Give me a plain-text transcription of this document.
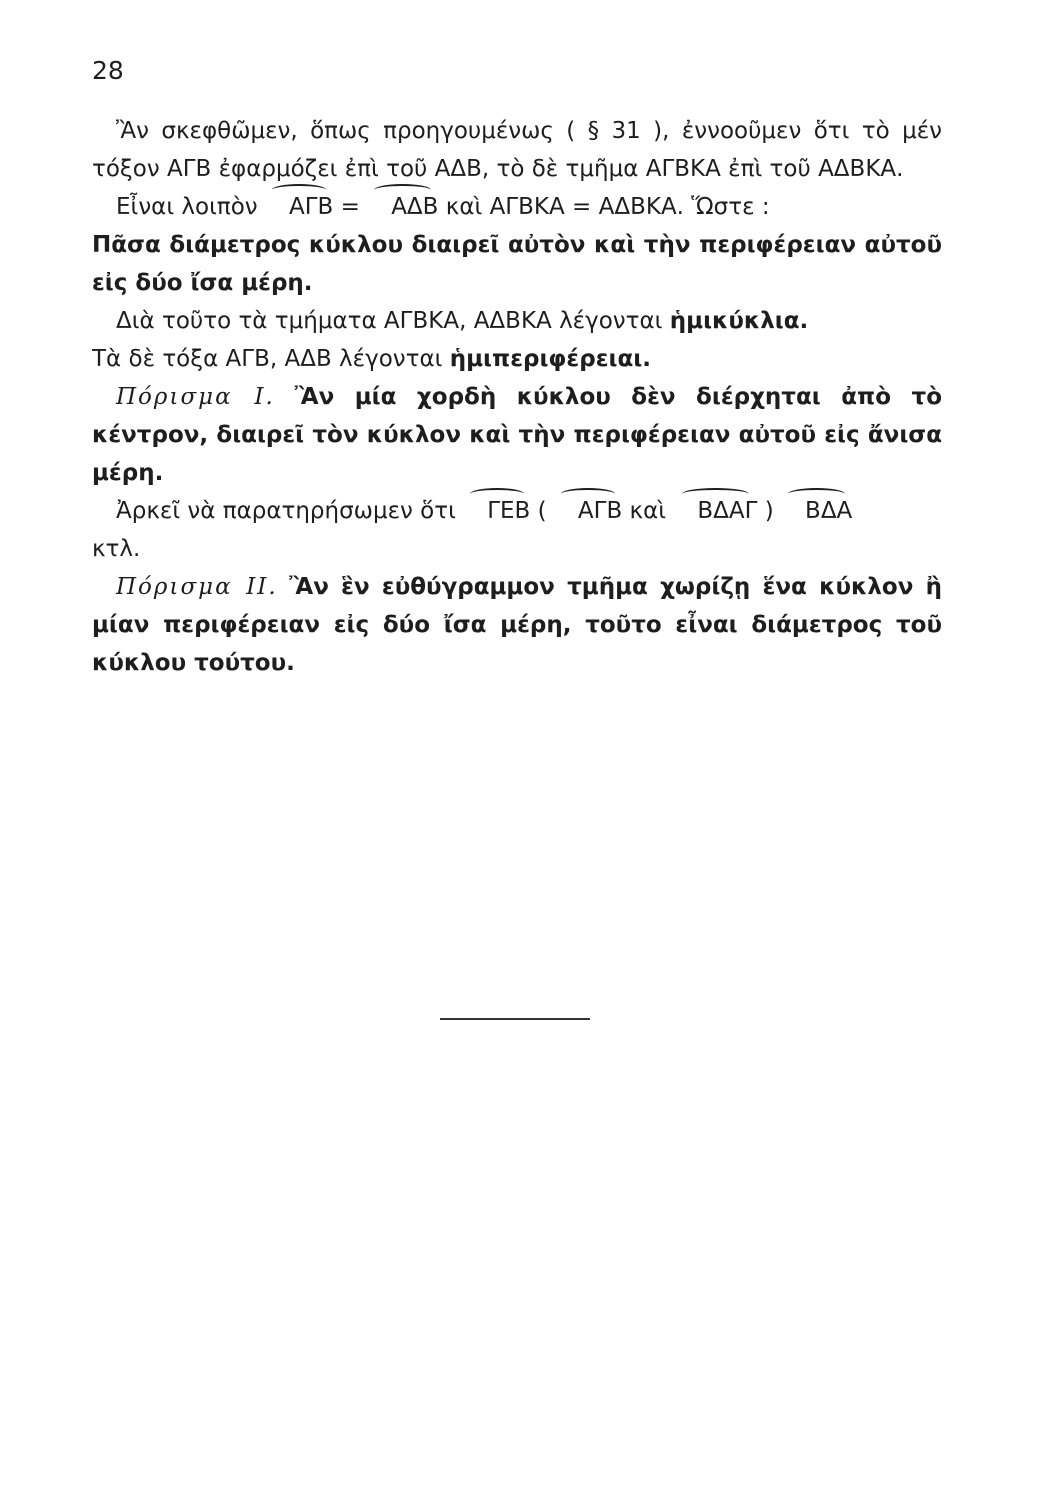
28

Ἂν σκεφθῶμεν, ὅπως προηγουμένως ( § 31 ), ἐννοοῦμεν ὅτι τὸ μέν τόξον ΑΓΒ ἐφαρμόζει ἐπὶ τοῦ ΑΔΒ, τὸ δὲ τμῆμα ΑΓΒΚΑ ἐπὶ τοῦ ΑΔΒΚΑ.

Εἶναι λοιπὸν ΑΓΒ = ΑΔΒ καὶ ΑΓΒΚΑ = ΑΔΒΚΑ. Ὥστε :

Πᾶσα διάμετρος κύκλου διαιρεῖ αὐτὸν καὶ τὴν περιφέρειαν αὐτοῦ εἰς δύο ἴσα μέρη.

Διὰ τοῦτο τὰ τμήματα ΑΓΒΚΑ, ΑΔΒΚΑ λέγονται ἡμικύκλια.

Τὰ δὲ τόξα ΑΓΒ, ΑΔΒ λέγονται ἡμιπεριφέρειαι.

Πόρισμα Ι. Ἂν μία χορδὴ κύκλου δὲν διέρχηται ἀπὸ τὸ κέντρον, διαιρεῖ τὸν κύκλον καὶ τὴν περιφέρειαν αὐτοῦ εἰς ἄνισα μέρη.

Ἀρκεῖ νὰ παρατηρήσωμεν ὅτι ΓΕΒ ( ΑΓΒ καὶ ΒΔΑΓ ) ΒΔΑ
κτλ.

Πόρισμα ΙΙ. Ἂν ἓν εὐθύγραμμον τμῆμα χωρίζῃ ἕνα κύκλον ἢ μίαν περιφέρειαν εἰς δύο ἴσα μέρη, τοῦτο εἶναι διάμετρος τοῦ κύκλου τούτου.
